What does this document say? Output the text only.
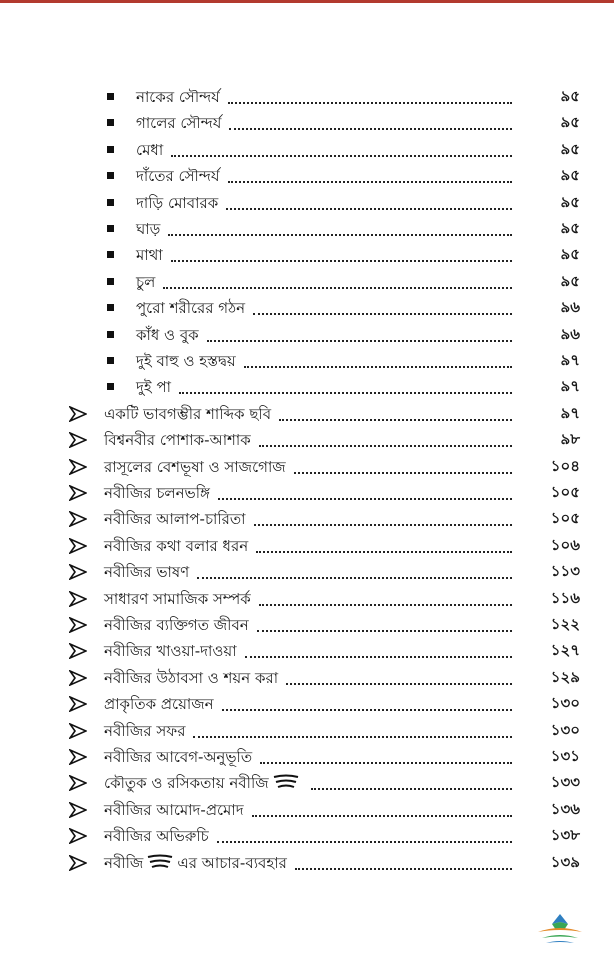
নাকের সৌন্দর্য	৯৫
গালের সৌন্দর্য	৯৫
মেধা	৯৫
দাঁতের সৌন্দর্য	৯৫
দাড়ি মোবারক	৯৫
ঘাড়	৯৫
মাথা	৯৫
চুল	৯৫
পুরো শরীরের গঠন	৯৬
কাঁধ ও বুক	৯৬
দুই বাহু ও হস্তদ্বয়	৯৭
দুই পা	৯৭
একটি ভাবগম্ভীর শাব্দিক ছবি	৯৭
বিশ্বনবীর পোশাক-আশাক	৯৮
রাসূলের বেশভূষা ও সাজগোজ	১০৪
নবীজির চলনভঙ্গি	১০৫
নবীজির আলাপ-চারিতা	১০৫
নবীজির কথা বলার ধরন	১০৬
নবীজির ভাষণ	১১৩
সাধারণ সামাজিক সম্পর্ক	১১৬
নবীজির ব্যক্তিগত জীবন	১২২
নবীজির খাওয়া-দাওয়া	১২৭
নবীজির উঠাবসা ও শয়ন করা	১২৯
প্রাকৃতিক প্রয়োজন	১৩০
নবীজির সফর	১৩০
নবীজির আবেগ-অনুভূতি	১৩১
কৌতুক ও রসিকতায় নবীজি	১৩৩
নবীজির আমোদ-প্রমোদ	১৩৬
নবীজির অভিরুচি	১৩৮
নবীজি এর আচার-ব্যবহার	১৩৯
